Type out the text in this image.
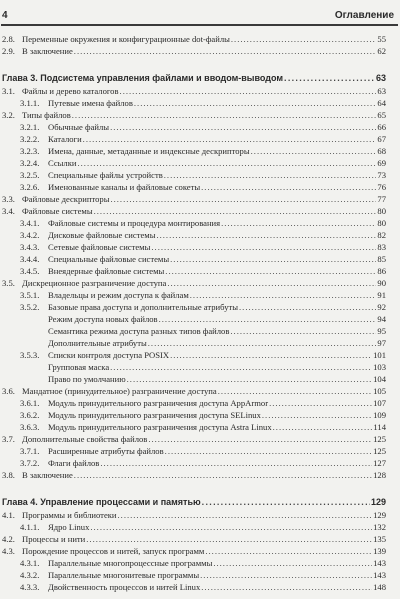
4	Оглавление
2.8. Переменные окружения и конфигурационные dot-файлы .....	55
2.9. В заключение .....	62
Глава 3. Подсистема управления файлами и вводом-выводом .....	63
3.1. Файлы и дерево каталогов .....	63
3.1.1.	Путевые имена файлов .....	64
3.2. Типы файлов .....	65
3.2.1.	Обычные файлы .....	66
3.2.2.	Каталоги .....	67
3.2.3.	Имена, данные, метаданные и индексные дескрипторы .....	68
3.2.4.	Ссылки .....	69
3.2.5.	Специальные файлы устройств .....	73
3.2.6.	Именованные каналы и файловые сокеты .....	76
3.3. Файловые дескрипторы .....	77
3.4. Файловые системы .....	80
3.4.1.	Файловые системы и процедура монтирования .....	80
3.4.2.	Дисковые файловые системы .....	82
3.4.3.	Сетевые файловые системы .....	83
3.4.4.	Специальные файловые системы .....	85
3.4.5.	Внеядерные файловые системы .....	86
3.5. Дискреционное разграничение доступа .....	90
3.5.1.	Владельцы и режим доступа к файлам .....	91
3.5.2.	Базовые права доступа и дополнительные атрибуты .....	92
Режим доступа новых файлов .....	94
Семантика режима доступа разных типов файлов .....	95
Дополнительные атрибуты .....	97
3.5.3.	Списки контроля доступа POSIX .....	101
Групповая маска .....	103
Право по умолчанию .....	104
3.6. Мандатное (принудительное) разграничение доступа .....	105
3.6.1.	Модуль принудительного разграничения доступа AppArmor .....	107
3.6.2.	Модуль принудительного разграничения доступа SELinux .....	109
3.6.3.	Модуль принудительного разграничения доступа Astra Linux .....	114
3.7. Дополнительные свойства файлов .....	125
3.7.1.	Расширенные атрибуты файлов .....	125
3.7.2.	Флаги файлов .....	127
3.8. В заключение .....	128
Глава 4. Управление процессами и памятью .....	129
4.1. Программы и библиотеки .....	129
4.1.1.	Ядро Linux .....	132
4.2. Процессы и нити .....	135
4.3. Порождение процессов и нитей, запуск программ .....	139
4.3.1.	Параллельные многопроцессные программы .....	143
4.3.2.	Параллельные многонитевые программы .....	143
4.3.3.	Двойственность процессов и нитей Linux .....	148
